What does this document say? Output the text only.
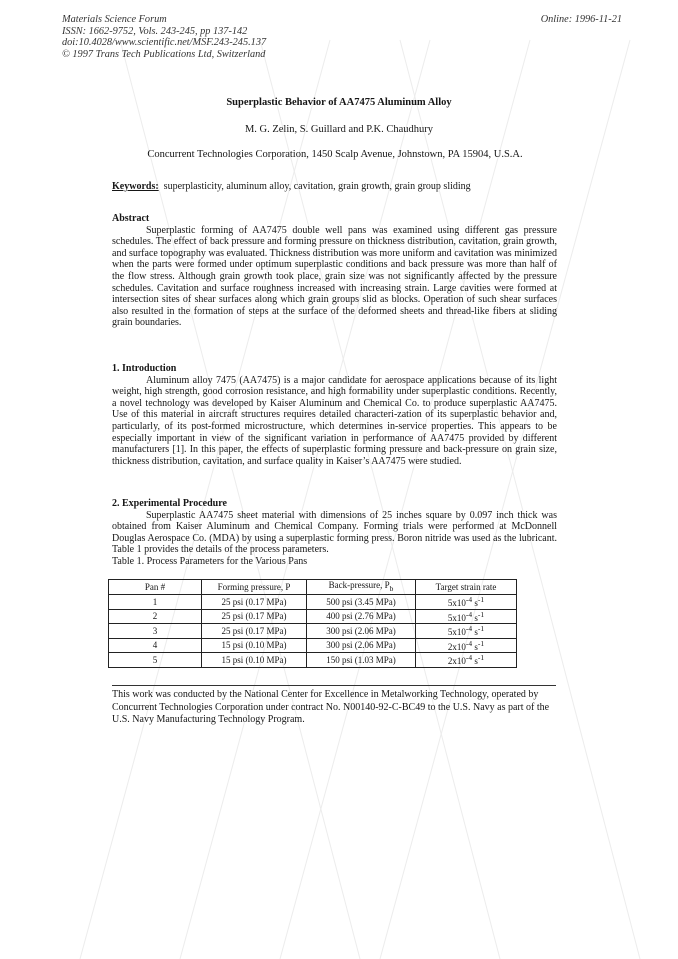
Materials Science Forum
ISSN: 1662-9752, Vols. 243-245, pp 137-142
doi:10.4028/www.scientific.net/MSF.243-245.137
© 1997 Trans Tech Publications Ltd, Switzerland
Online: 1996-11-21
Superplastic Behavior of AA7475 Aluminum Alloy
M. G. Zelin, S. Guillard and P.K. Chaudhury
Concurrent Technologies Corporation, 1450 Scalp Avenue, Johnstown, PA 15904, U.S.A.
Keywords: superplasticity, aluminum alloy, cavitation, grain growth, grain group sliding
Abstract

Superplastic forming of AA7475 double well pans was examined using different gas pressure schedules. The effect of back pressure and forming pressure on thickness distribution, cavitation, grain growth, and surface topography was evaluated. Thickness distribution was more uniform and cavitation was minimized when the parts were formed under optimum superplastic conditions and back pressure was more than half of the flow stress. Although grain growth took place, grain size was not significantly affected by the pressure schedules. Cavitation and surface roughness increased with increasing strain. Large cavities were formed at intersection sites of shear surfaces along which grain groups slid as blocks. Operation of such shear surfaces also resulted in the formation of steps at the surface of the deformed sheets and thread-like fibers at sliding grain boundaries.

1. Introduction

Aluminum alloy 7475 (AA7475) is a major candidate for aerospace applications because of its light weight, high strength, good corrosion resistance, and high formability under superplastic conditions. Recently, a novel technology was developed by Kaiser Aluminum and Chemical Co. to produce superplastic AA7475. Use of this material in aircraft structures requires detailed characteri-zation of its superplastic behavior and, particularly, of its post-formed microstructure, which determines in-service properties. This appears to be especially important in view of the significant variation in performance of AA7475 provided by different manufacturers [1]. In this paper, the effects of superplastic forming pressure and back-pressure on grain size, thickness distribution, cavitation, and surface quality in Kaiser’s AA7475 were studied.

2. Experimental Procedure

Superplastic AA7475 sheet material with dimensions of 25 inches square by 0.097 inch thick was obtained from Kaiser Aluminum and Chemical Company. Forming trials were performed at McDonnell Douglas Aerospace Co. (MDA) by using a superplastic forming press. Boron nitride was used as the lubricant. Table 1 provides the details of the process parameters.

Table 1. Process Parameters for the Various Pans

Pan #	Forming pressure, P	Back-pressure, $P_b$	Target strain rate
1	25 psi (0.17 MPa)	500 psi (3.45 MPa)	$5x10^{-4}$ $s^{-1}$
2	25 psi (0.17 MPa)	400 psi (2.76 MPa)	$5x10^{-4}$ $s^{-1}$
3	25 psi (0.17 MPa)	300 psi (2.06 MPa)	$5x10^{-4}$ $s^{-1}$
4	15 psi (0.10 MPa)	300 psi (2.06 MPa)	$2x10^{-4}$ $s^{-1}$
5	15 psi (0.10 MPa)	150 psi (1.03 MPa)	$2x10^{-4}$ $s^{-1}$
This work was conducted by the National Center for Excellence in Metalworking Technology, operated by Concurrent Technologies Corporation under contract No. N00140-92-C-BC49 to the U.S. Navy as part of the U.S. Navy Manufacturing Technology Program.
